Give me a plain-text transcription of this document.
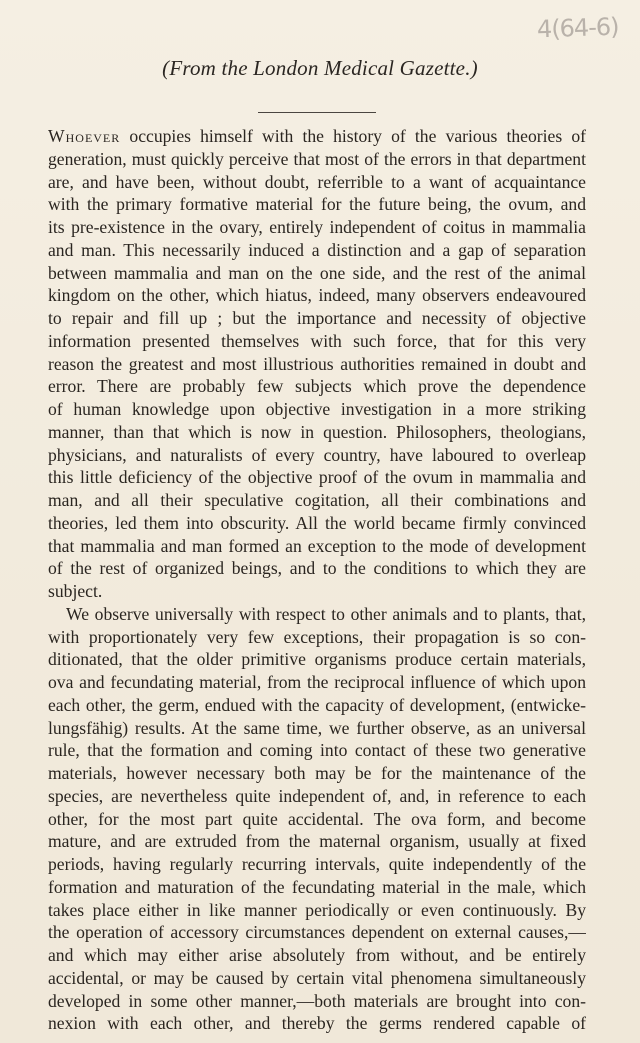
4(64-6)
(From the London Medical Gazette.)
Whoever occupies himself with the history of the various theories of
generation, must quickly perceive that most of the errors in that department
are, and have been, without doubt, referrible to a want of acquaintance
with the primary formative material for the future being, the ovum, and
its pre-existence in the ovary, entirely independent of coitus in mammalia
and man. This necessarily induced a distinction and a gap of separation
between mammalia and man on the one side, and the rest of the animal
kingdom on the other, which hiatus, indeed, many observers endeavoured
to repair and fill up ; but the importance and necessity of objective
information presented themselves with such force, that for this very
reason the greatest and most illustrious authorities remained in doubt and
error. There are probably few subjects which prove the dependence
of human knowledge upon objective investigation in a more striking
manner, than that which is now in question. Philosophers, theologians,
physicians, and naturalists of every country, have laboured to overleap
this little deficiency of the objective proof of the ovum in mammalia and
man, and all their speculative cogitation, all their combinations and
theories, led them into obscurity. All the world became firmly convinced
that mammalia and man formed an exception to the mode of development
of the rest of organized beings, and to the conditions to which they are
subject.
We observe universally with respect to other animals and to plants, that,
with proportionately very few exceptions, their propagation is so con-
ditionated, that the older primitive organisms produce certain materials,
ova and fecundating material, from the reciprocal influence of which upon
each other, the germ, endued with the capacity of development, (entwicke-
lungsfähig) results. At the same time, we further observe, as an universal
rule, that the formation and coming into contact of these two generative
materials, however necessary both may be for the maintenance of the
species, are nevertheless quite independent of, and, in reference to each
other, for the most part quite accidental. The ova form, and become
mature, and are extruded from the maternal organism, usually at fixed
periods, having regularly recurring intervals, quite independently of the
formation and maturation of the fecundating material in the male, which
takes place either in like manner periodically or even continuously. By
the operation of accessory circumstances dependent on external causes,—
and which may either arise absolutely from without, and be entirely
accidental, or may be caused by certain vital phenomena simultaneously
developed in some other manner,—both materials are brought into con-
nexion with each other, and thereby the germs rendered capable of
